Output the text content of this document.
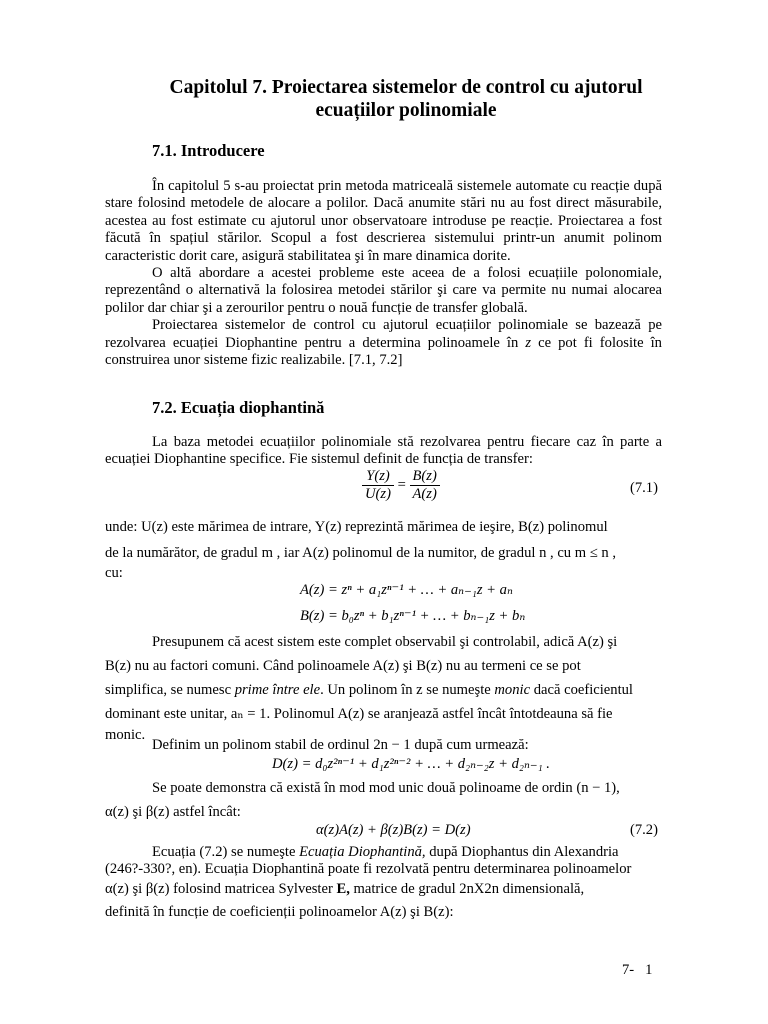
Capitolul 7. Proiectarea sistemelor de control cu ajutorul
ecuațiilor polinomiale
7.1. Introducere
În capitolul 5 s-au proiectat prin metoda matriceală sistemele automate cu reacție după stare folosind metodele de alocare a polilor. Dacă anumite stări nu au fost direct măsurabile, acestea au fost estimate cu ajutorul unor observatoare introduse pe reacție. Proiectarea a fost făcută în spațiul stărilor. Scopul a fost descrierea sistemului printr-un anumit polinom caracteristic dorit care, asigură stabilitatea şi în mare dinamica dorite.
O altă abordare a acestei probleme este aceea de a folosi ecuațiile polonomiale, reprezentând o alternativă la folosirea metodei stărilor şi care va permite nu numai alocarea polilor dar chiar şi a zerourilor pentru o nouă funcție de transfer globală.
Proiectarea sistemelor de control cu ajutorul ecuațiilor polinomiale se bazează pe rezolvarea ecuației Diophantine pentru a determina polinoamele în z ce pot fi folosite în construirea unor sisteme fizic realizabile. [7.1, 7.2]
7.2. Ecuația diophantină
La baza metodei ecuațiilor polinomiale stă rezolvarea pentru fiecare caz în parte a ecuației Diophantine specifice. Fie sistemul definit de funcția de transfer:
$\frac{Y(z)}{U(z)} = \frac{B(z)}{A(z)}$	(7.1)
unde: U(z) este mărimea de intrare, Y(z) reprezintă mărimea de ieşire, B(z) polinomul
de la numărător, de gradul m , iar A(z) polinomul de la numitor, de gradul n , cu m ≤ n ,
cu:
A(z) = zⁿ + a₁zⁿ⁻¹ + … + aₙ₋₁z + aₙ
B(z) = b₀zⁿ + b₁zⁿ⁻¹ + … + bₙ₋₁z + bₙ
Presupunem că acest sistem este complet observabil şi controlabil, adică A(z) şi
B(z) nu au factori comuni. Când polinoamele A(z) şi B(z) nu au termeni ce se pot
simplifica, se numesc prime între ele. Un polinom în z se numeşte monic dacă coeficientul
dominant este unitar, aₙ = 1. Polinomul A(z) se aranjează astfel încât întotdeauna să fie
monic.
Definim un polinom stabil de ordinul 2n − 1 după cum urmează:
D(z) = d₀z²ⁿ⁻¹ + d₁z²ⁿ⁻² + … + d₂ₙ₋₂z + d₂ₙ₋₁ .
Se poate demonstra că există în mod mod unic două polinoame de ordin (n − 1),
α(z) şi β(z) astfel încât:
α(z)A(z) + β(z)B(z) = D(z)	(7.2)
Ecuația (7.2) se numeşte Ecuația Diophantină, după Diophantus din Alexandria
(246?-330?, en). Ecuația Diophantină poate fi rezolvată pentru determinarea polinoamelor
α(z) şi β(z) folosind matricea Sylvester E, matrice de gradul 2nX2n dimensională,
definită în funcție de coeficienții polinoamelor A(z) şi B(z):
7-   1
